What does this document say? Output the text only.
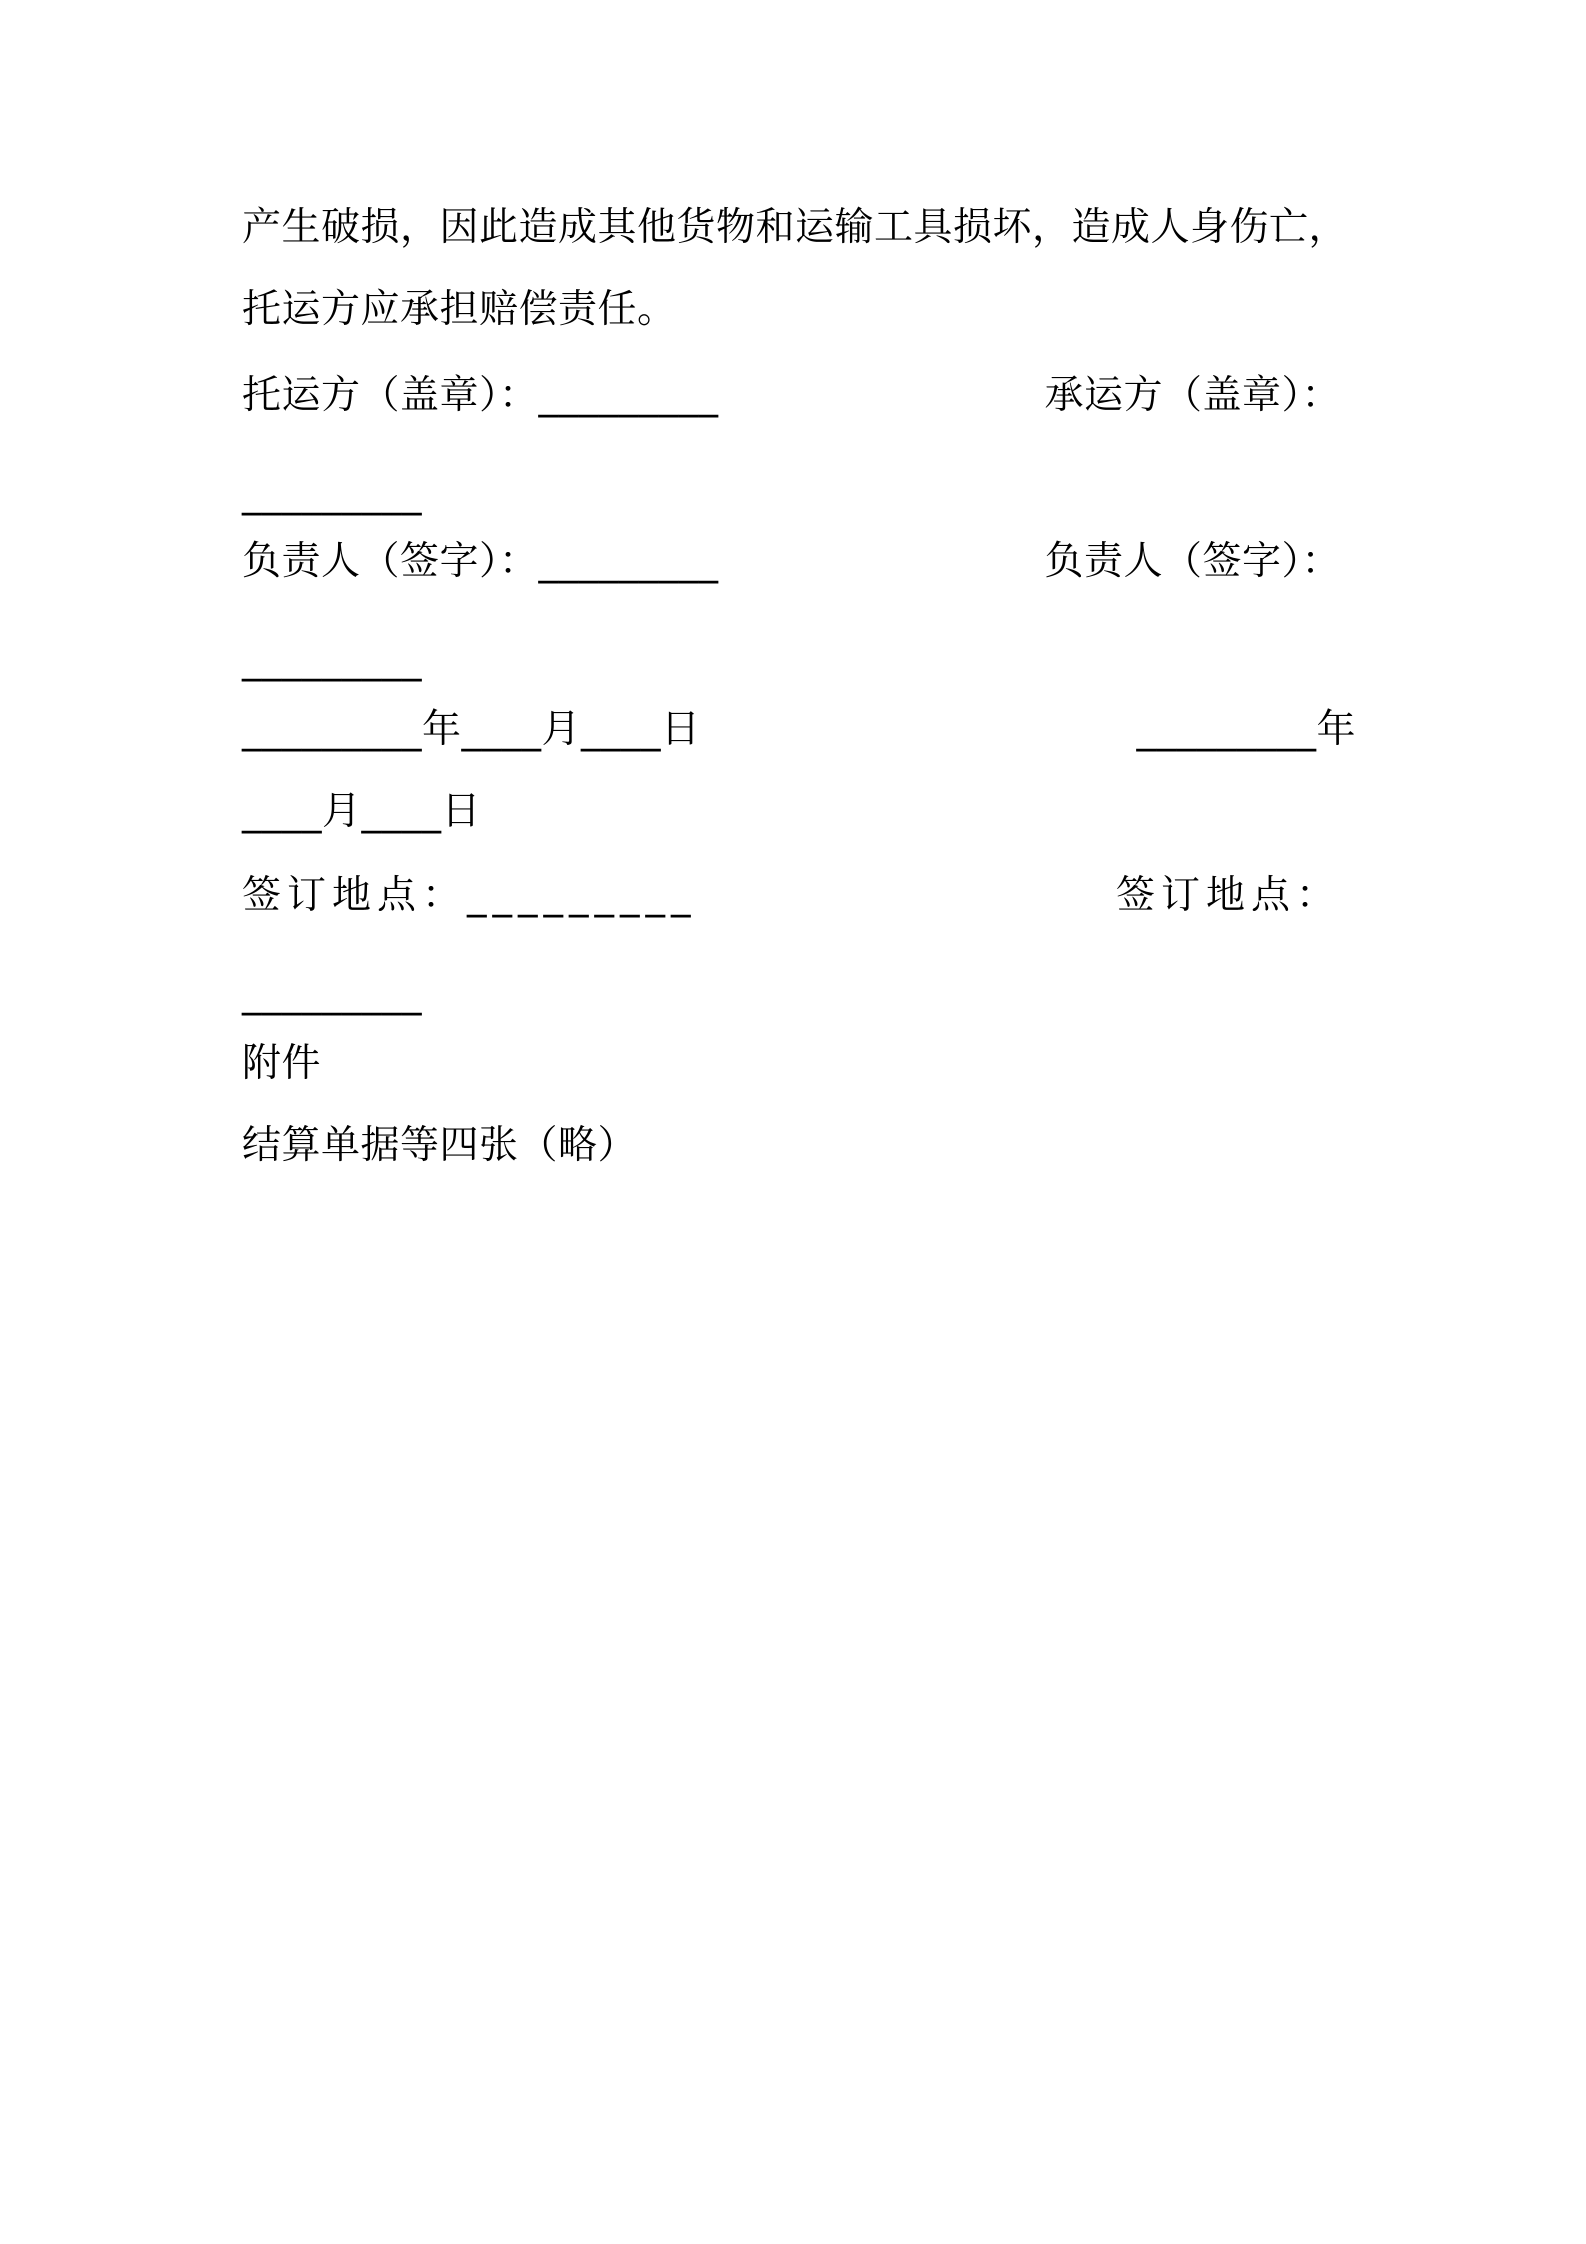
产生破损，因此造成其他货物和运输工具损坏，造成人身伤亡，
托运方应承担赔偿责任。
托运方（盖章）：_________	承运方（盖章）：
_________
负责人（签字）：_________	负责人（签字）：
_________
_________年____月____日	_________年
____月____日
签订地点：_________	签订地点：
_________
附件
结算单据等四张（略）
